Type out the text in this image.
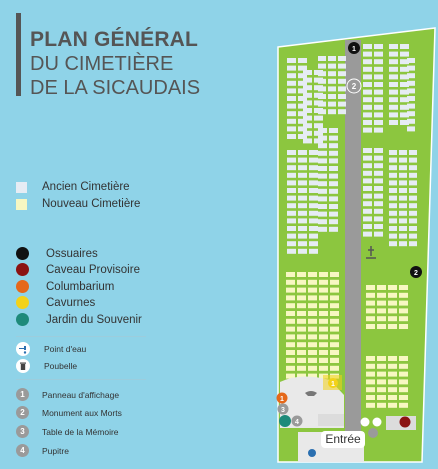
PLAN GÉNÉRAL
DU CIMETIÈRE
DE LA SICAUDAIS
Ancien Cimetière
Nouveau Cimetière
Ossuaires
Caveau Provisoire
Columbarium
Cavurnes
Jardin du Souvenir
Point d'eau
Poubelle
1	Panneau d'affichage
2	Monument aux Morts
3	Table de la Mémoire
4	Pupitre
1
1
2
2
1
3
4
Entrée
